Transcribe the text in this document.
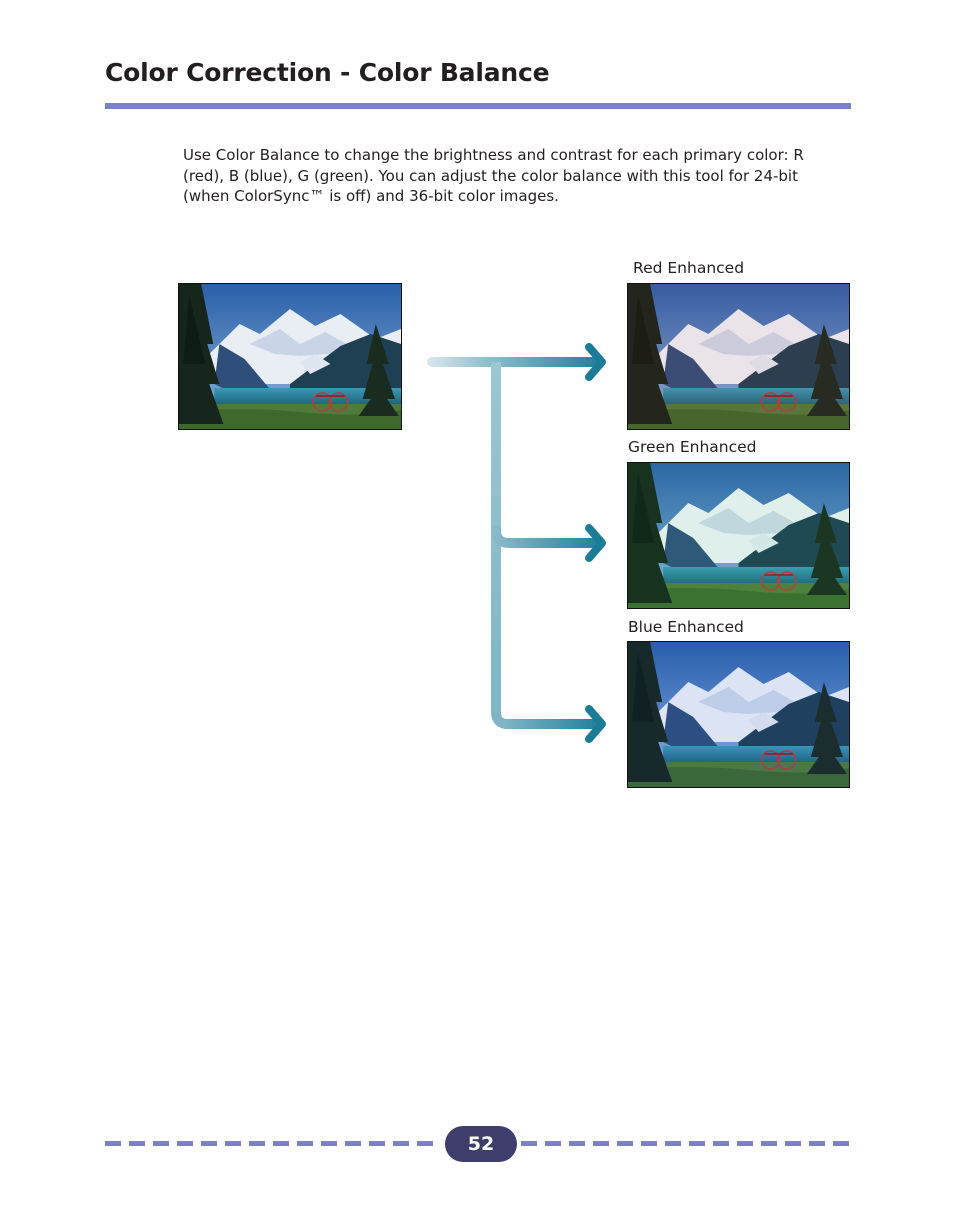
Color Correction - Color Balance

Use Color Balance to change the brightness and contrast for each primary color: R (red), B (blue), G (green). You can adjust the color balance with this tool for 24-bit (when ColorSync™ is off) and 36-bit color images.

Red Enhanced
Green Enhanced
Blue Enhanced
52
